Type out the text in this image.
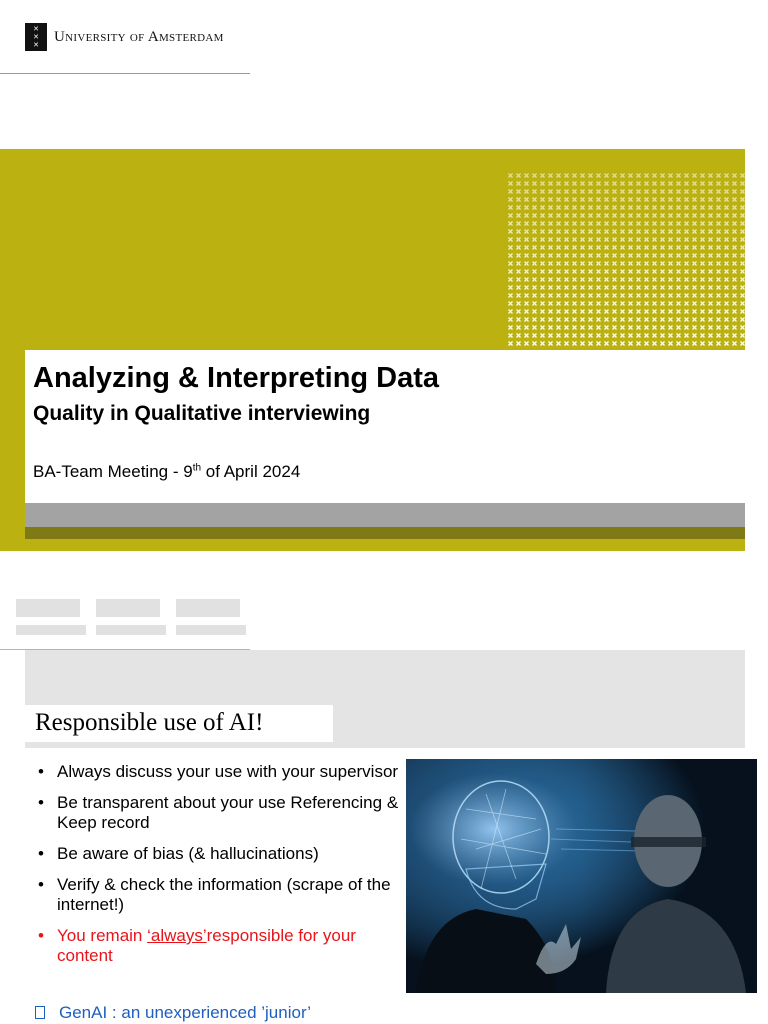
✕
✕
✕
University of Amsterdam
Analyzing & Interpreting Data
Quality in Qualitative interviewing
BA-Team Meeting - 9th of April 2024
Responsible use of AI!
• Always discuss your use with your supervisor
• Be transparent about your use Referencing & Keep record
• Be aware of bias (& hallucinations)
• Verify & check the information (scrape of the internet!)
• You remain ‘always’responsible for your content
GenAI : an unexperienced ’junior’
